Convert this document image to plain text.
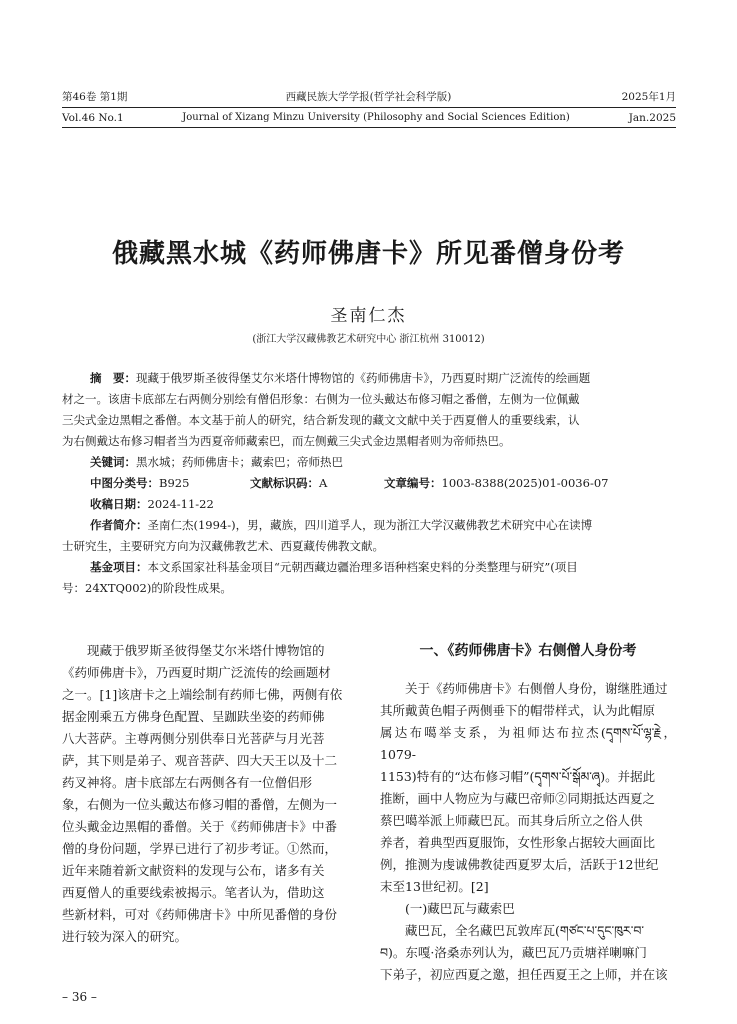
第46卷 第1期	西藏民族大学学报(哲学社会科学版)	2025年1月
Vol.46 No.1	Journal of Xizang Minzu University (Philosophy and Social Sciences Edition)	Jan.2025
俄藏黑水城《药师佛唐卡》所见番僧身份考
圣南仁杰
(浙江大学汉藏佛教艺术研究中心 浙江杭州 310012)
摘　要：现藏于俄罗斯圣彼得堡艾尔米塔什博物馆的《药师佛唐卡》，乃西夏时期广泛流传的绘画题
材之一。该唐卡底部左右两侧分别绘有僧侣形象：右侧为一位头戴达布修习帽之番僧，左侧为一位佩戴
三尖式金边黑帽之番僧。本文基于前人的研究，结合新发现的藏文文献中关于西夏僧人的重要线索，认
为右侧戴达布修习帽者当为西夏帝师藏索巴，而左侧戴三尖式金边黑帽者则为帝师热巴。
关键词：黑水城；药师佛唐卡；藏索巴；帝师热巴
中图分类号：B925	文献标识码：A	文章编号：1003-8388(2025)01-0036-07
收稿日期：2024-11-22
作者简介：圣南仁杰(1994-)，男，藏族，四川道孚人，现为浙江大学汉藏佛教艺术研究中心在读博
士研究生，主要研究方向为汉藏佛教艺术、西夏藏传佛教文献。
基金项目：本文系国家社科基金项目“元朝西藏边疆治理多语种档案史料的分类整理与研究”(项目
号：24XTQ002)的阶段性成果。
现藏于俄罗斯圣彼得堡艾尔米塔什博物馆的
《药师佛唐卡》，乃西夏时期广泛流传的绘画题材
之一。[1]该唐卡之上端绘制有药师七佛，两侧有依
据金刚乘五方佛身色配置、呈跏趺坐姿的药师佛
八大菩萨。主尊两侧分别供奉日光菩萨与月光菩
萨，其下则是弟子、观音菩萨、四大天王以及十二
药叉神将。唐卡底部左右两侧各有一位僧侣形
象，右侧为一位头戴达布修习帽的番僧，左侧为一
位头戴金边黑帽的番僧。关于《药师佛唐卡》中番
僧的身份问题，学界已进行了初步考证。①然而，
近年来随着新文献资料的发现与公布，诸多有关
西夏僧人的重要线索被揭示。笔者认为，借助这
些新材料，可对《药师佛唐卡》中所见番僧的身份
进行较为深入的研究。
一、《药师佛唐卡》右侧僧人身份考
关于《药师佛唐卡》右侧僧人身份，谢继胜通过
其所戴黄色帽子两侧垂下的帽带样式，认为此帽原
属达布噶举支系，为祖师达布拉杰(དྭགས་པོ་ལྷ་རྗེ，1079-
1153)特有的“达布修习帽”(དྭགས་པོ་སྒོམ་ཞྭ)。并据此
推断，画中人物应为与藏巴帝师②同期抵达西夏之
蔡巴噶举派上师藏巴瓦。而其身后所立之俗人供
养者，着典型西夏服饰，女性形象占据较大画面比
例，推测为虔诚佛教徒西夏罗太后，活跃于12世纪
末至13世纪初。[2]
(一)藏巴瓦与藏索巴
藏巴瓦，全名藏巴瓦敦库瓦(གཙང་པ་དུང་ཁུར་བ་
བ)。东嘎·洛桑赤列认为，藏巴瓦乃贡塘祥喇嘛门
下弟子，初应西夏之邀，担任西夏王之上师，并在该
– 36 –
